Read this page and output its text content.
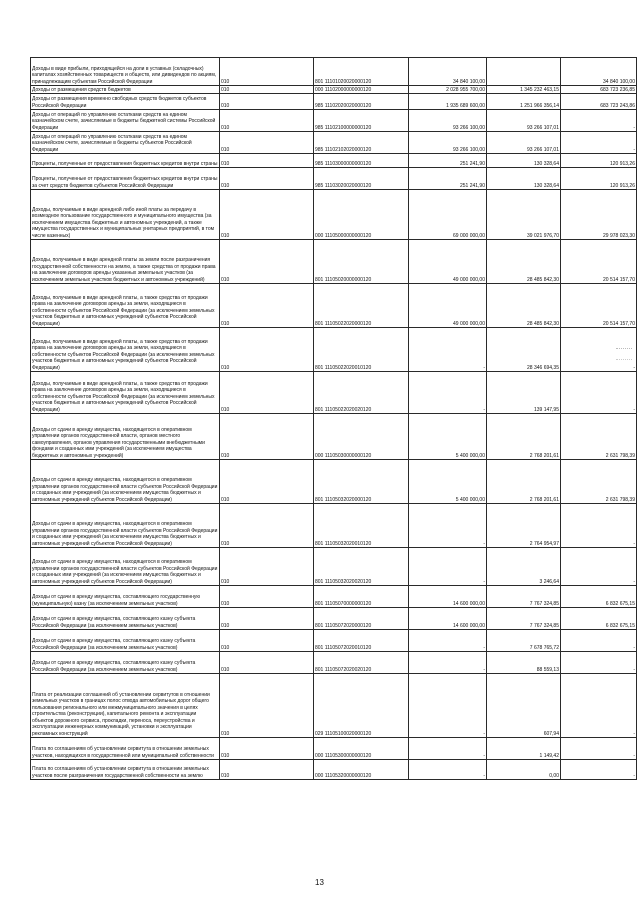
Доходы в виде прибыли, приходящейся на доли в уставных (складочных) капиталах хозяйственных товариществ и обществ, или дивидендов по акциям, принадлежащим субъектам Российской Федерации	010	801 11101020020000120	34 840 100,00		34 840 100,00
Доходы от размещения средств бюджетов	010	000 11102000000000120	2 028 955 700,00	1 345 232 463,15	683 723 236,85
Доходы от размещения временно свободных средств бюджетов субъектов Российской Федерации	010	985 11102020020000120	1 935 689 600,00	1 251 966 356,14	683 723 243,86
Доходы от операций по управлению остатками средств на едином казначейском счете, зачисляемые в бюджеты бюджетной системы Российской Федерации	010	985 11102100000000120	93 266 100,00	93 266 107,01	-
Доходы от операций по управлению остатками средств на едином казначейском счете, зачисляемые в бюджеты субъектов Российской Федерации	010	985 11102102020000120	93 266 100,00	93 266 107,01	-
Проценты, полученные от предоставления бюджетных кредитов внутри страны	010	985 11103000000000120	251 241,90	130 328,64	120 913,26
Проценты, полученные от предоставления бюджетных кредитов внутри страны за счет средств бюджетов субъектов Российской Федерации	010	985 11103020020000120	251 241,90	130 328,64	120 913,26
Доходы, получаемые в виде арендной либо иной платы за передачу в возмездное пользование государственного и муниципального имущества (за исключением имущества бюджетных и автономных учреждений, а также имущества государственных и муниципальных унитарных предприятий, в том числе казенных)	010	000 11105000000000120	69 000 000,00	39 021 976,70	29 978 023,30
Доходы, получаемые в виде арендной платы за земли после разграничения государственной собственности на землю, а также средства от продажи права на заключение договоров аренды указанных земельных участков (за исключением земельных участков бюджетных и автономных учреждений)	010	801 11105020000000120	49 000 000,00	28 485 842,30	20 514 157,70
Доходы, получаемые в виде арендной платы, а также средства от продажи права на заключение договоров аренды за земли, находящиеся в собственности субъектов Российской Федерации (за исключением земельных участков бюджетных и автономных учреждений субъектов Российской Федерации)	010	801 11105022020000120	49 000 000,00	28 485 842,30	20 514 157,70
Доходы, получаемые в виде арендной платы, а также средства от продажи права на заключение договоров аренды за земли, находящиеся в собственности субъектов Российской Федерации (за исключением земельных участков бюджетных и автономных учреждений субъектов Российской Федерации)	010	801 11105022020010120	-	28 346 694,35	-
Доходы, получаемые в виде арендной платы, а также средства от продажи права на заключение договоров аренды за земли, находящиеся в собственности субъектов Российской Федерации (за исключением земельных участков бюджетных и автономных учреждений субъектов Российской Федерации)	010	801 11105022020020120	-	139 147,95	-
Доходы от сдачи в аренду имущества, находящегося в оперативном управлении органов государственной власти, органов местного самоуправления, органов управления государственными внебюджетными фондами и созданных ими учреждений (за исключением имущества бюджетных и автономных учреждений)	010	000 11105030000000120	5 400 000,00	2 768 201,61	2 631 798,39
Доходы от сдачи в аренду имущества, находящегося в оперативном управлении органов государственной власти субъектов Российской Федерации и созданных ими учреждений (за исключением имущества бюджетных и автономных учреждений субъектов Российской Федерации)	010	801 11105032020000120	5 400 000,00	2 768 201,61	2 631 798,39
Доходы от сдачи в аренду имущества, находящегося в оперативном управлении органов государственной власти субъектов Российской Федерации и созданных ими учреждений (за исключением имущества бюджетных и автономных учреждений субъектов Российской Федерации)	010	801 11105032020010120	-	2 764 954,97	-
Доходы от сдачи в аренду имущества, находящегося в оперативном управлении органов государственной власти субъектов Российской Федерации и созданных ими учреждений (за исключением имущества бюджетных и автономных учреждений субъектов Российской Федерации)	010	801 11105032020020120	-	3 246,64	-
Доходы от сдачи в аренду имущества, составляющего государственную (муниципальную) казну (за исключением земельных участков)	010	801 11105070000000120	14 600 000,00	7 767 324,85	6 832 675,15
Доходы от сдачи в аренду имущества, составляющего казну субъекта Российской Федерации (за исключением земельных участков)	010	801 11105072020000120	14 600 000,00	7 767 324,85	6 832 675,15
Доходы от сдачи в аренду имущества, составляющего казну субъекта Российской Федерации (за исключением земельных участков)	010	801 11105072020010120	-	7 678 765,72	-
Доходы от сдачи в аренду имущества, составляющего казну субъекта Российской Федерации (за исключением земельных участков)	010	801 11105072020020120	-	88 559,13	-
Плата от реализации соглашений об установлении сервитутов в отношении земельных участков в границах полос отвода автомобильных дорог общего пользования регионального или межмуниципального значения в целях строительства (реконструкции), капитального ремонта и эксплуатации объектов дорожного сервиса, прокладки, переноса, переустройства и эксплуатации инженерных коммуникаций, установки и эксплуатации рекламных конструкций	010	029 11105100020000120	-	607,94	-
Плата по соглашениям об установлении сервитута в отношении земельных участков, находящихся в государственной или муниципальной собственности	010	000 11105300000000120	-	1 149,42	-
Плата по соглашениям об установлении сервитута в отношении земельных участков после разграничения государственной собственности на землю	010	000 11105320000000120	-	0,00	-
13
